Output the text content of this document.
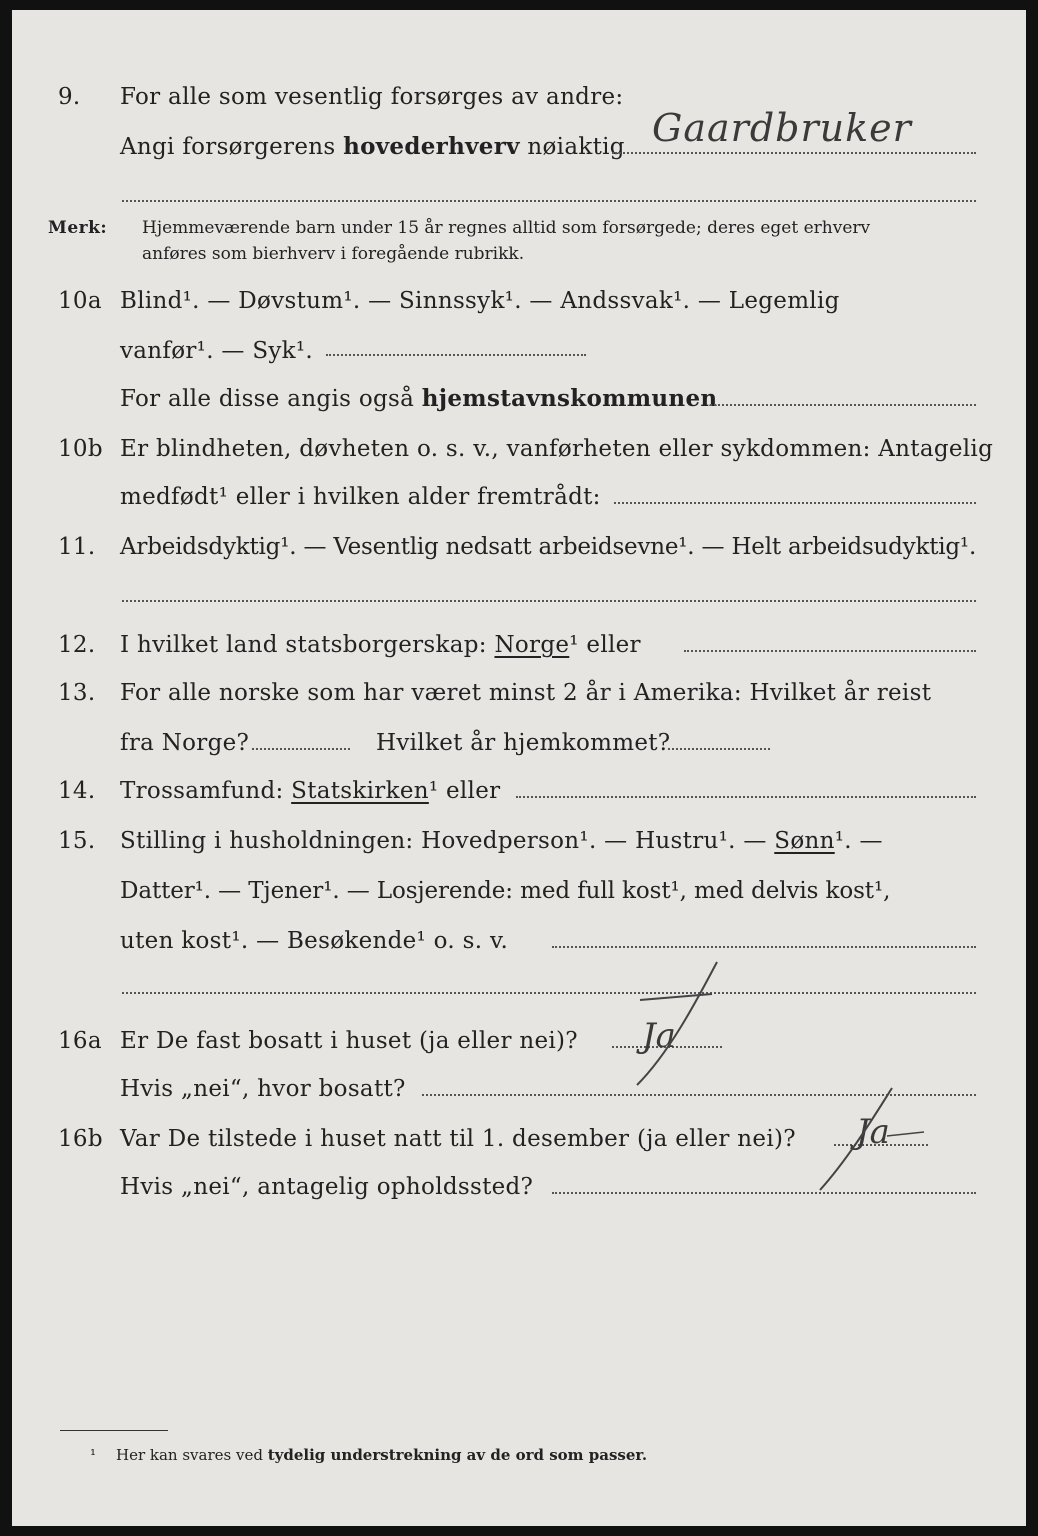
9. For alle som vesentlig forsørges av andre:
Angi forsørgerens hovederhverv nøiaktig Gaardbruker
Merk: Hjemmeværende barn under 15 år regnes alltid som forsørgede; deres eget erhverv
anføres som bierhverv i foregående rubrikk.
10a Blind¹. — Døvstum¹. — Sinnssyk¹. — Andssvak¹. — Legemlig
vanfør¹. — Syk¹.
For alle disse angis også hjemstavnskommunen
10b Er blindheten, døvheten o. s. v., vanførheten eller sykdommen: Antagelig
medfødt¹ eller i hvilken alder fremtrådt:
11. Arbeidsdyktig¹. — Vesentlig nedsatt arbeidsevne¹. — Helt arbeidsudyktig¹.
12. I hvilket land statsborgerskap: Norge¹ eller
13. For alle norske som har været minst 2 år i Amerika: Hvilket år reist
fra Norge?	Hvilket år hjemkommet?
14. Trossamfund: Statskirken¹ eller
15. Stilling i husholdningen: Hovedperson¹. — Hustru¹. — Sønn¹. —
Datter¹. — Tjener¹. — Losjerende: med full kost¹, med delvis kost¹,
uten kost¹. — Besøkende¹ o. s. v.
16a Er De fast bosatt i huset (ja eller nei)? Ja
Hvis „nei“, hvor bosatt?
16b Var De tilstede i huset natt til 1. desember (ja eller nei)? Ja
Hvis „nei“, antagelig opholdssted?
¹ Her kan svares ved tydelig understrekning av de ord som passer.
